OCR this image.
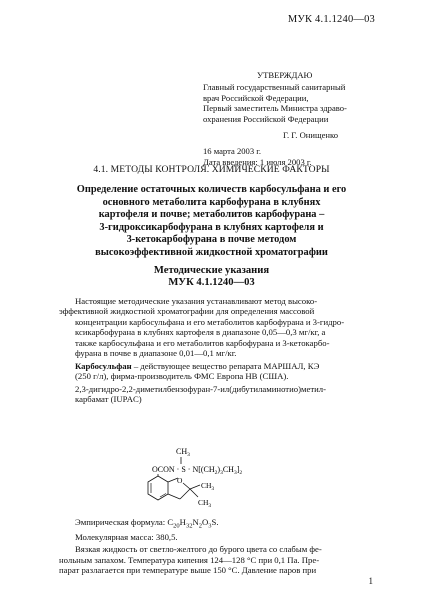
МУК 4.1.1240—03
УТВЕРЖДАЮ
Главный государственный санитарный
врач Российской Федерации,
Первый заместитель Министра здраво-
охранения Российской Федерации
Г. Г. Онищенко
16 марта 2003 г.
Дата введения: 1 июля 2003 г.
4.1. МЕТОДЫ КОНТРОЛЯ. ХИМИЧЕСКИЕ ФАКТОРЫ
Определение остаточных количеств карбосульфана и его
основного метаболита карбофурана в клубнях
картофеля и почве; метаболитов карбофурана –
3-гидроксикарбофурана в клубнях картофеля и
3-кетокарбофурана в почве методом
высокоэффективной жидкостной хроматографии
Методические указания
МУК 4.1.1240—03

Настоящие методические указания устанавливают метод высоко-
эффективной жидкостной хроматографии для определения массовой
концентрации карбосульфана и его метаболитов карбофурана и 3-гидро-
ксикарбофурана в клубнях картофеля в диапазоне 0,05—0,3 мг/кг, а
также карбосульфана и его метаболитов карбофурана и 3-кетокарбо-
фурана в почве в диапазоне 0,01—0,1 мг/кг.

Карбосульфан – действующее вещество репарата МАРШАЛ, КЭ
(250 г/л), фирма-производитель ФМС Европа НВ (США).

2,3-дигидро-2,2-диметилбензофуран-7-ил(дибутиламинотио)метил-
карбамат (IUPAC)

$CH_3$
OCON · $S \cdot N[(CH_2)_3CH_3]_2$
O
$CH_3$
$CH_3$
Эмпирическая формула: $C_{20}H_{32}N_2O_3S$.
Молекулярная масса: 380,5.
Вязкая жидкость от светло-желтого до бурого цвета со слабым фе-
нольным запахом. Температура кипения 124—128 °С при 0,1 Па. Пре-
парат разлагается при температуре выше 150 °С. Давление паров при
1
